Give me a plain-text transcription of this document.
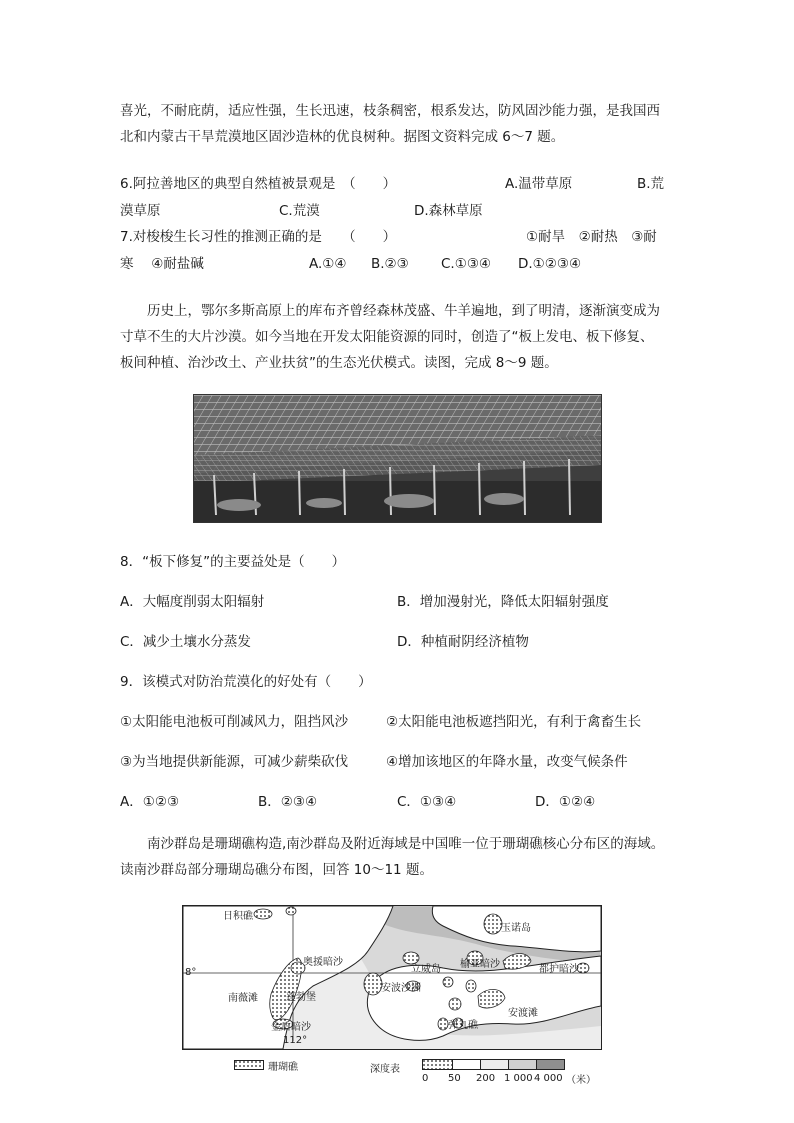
喜光，不耐庇荫，适应性强，生长迅速，枝条稠密，根系发达，防风固沙能力强，是我国西
北和内蒙古干旱荒漠地区固沙造林的优良树种。据图文资料完成 6～7 题。
6.阿拉善地区的典型自然植被景观是　（　　）	A.温带草原	B.荒
漠草原	C.荒漠	D.森林草原
7.对梭梭生长习性的推测正确的是　　（　　）	①耐旱　②耐热　③耐
寒　 ④耐盐碱	A.①④ B.②③ C.①③④ D.①②③④
历史上，鄂尔多斯高原上的库布齐曾经森林茂盛、牛羊遍地，到了明清，逐渐演变成为
寸草不生的大片沙漠。如今当地在开发太阳能资源的同时，创造了“板上发电、板下修复、
板间种植、治沙改土、产业扶贫”的生态光伏模式。读图，完成 8～9 题。
8．“板下修复”的主要益处是（　　）
A．大幅度削弱太阳辐射	B．增加漫射光，降低太阳辐射强度
C．减少土壤水分蒸发	D．种植耐阴经济植物
9．该模式对防治荒漠化的好处有（　　）
①太阳能电池板可削减风力，阻挡风沙	②太阳能电池板遮挡阳光，有利于禽畜生长
③为当地提供新能源，可减少薪柴砍伐	④增加该地区的年降水量，改变气候条件
A．①②③	B．②③④	C．①③④	D．①②④
南沙群岛是珊瑚礁构造,南沙群岛及附近海域是中国唯一位于珊瑚礁核心分布区的海域。
读南沙群岛部分珊瑚岛礁分布图，回答 10～11 题。
日积礁
玉诺岛
8°
奥援暗沙
立威岛 榆亚暗沙	都护暗沙
南薇滩	蓬勃堡
安波沙洲
金盾暗沙	弹丸礁
安渡滩
112°
珊瑚礁	深度表
0 50 200 1 000 4 000 （米）
